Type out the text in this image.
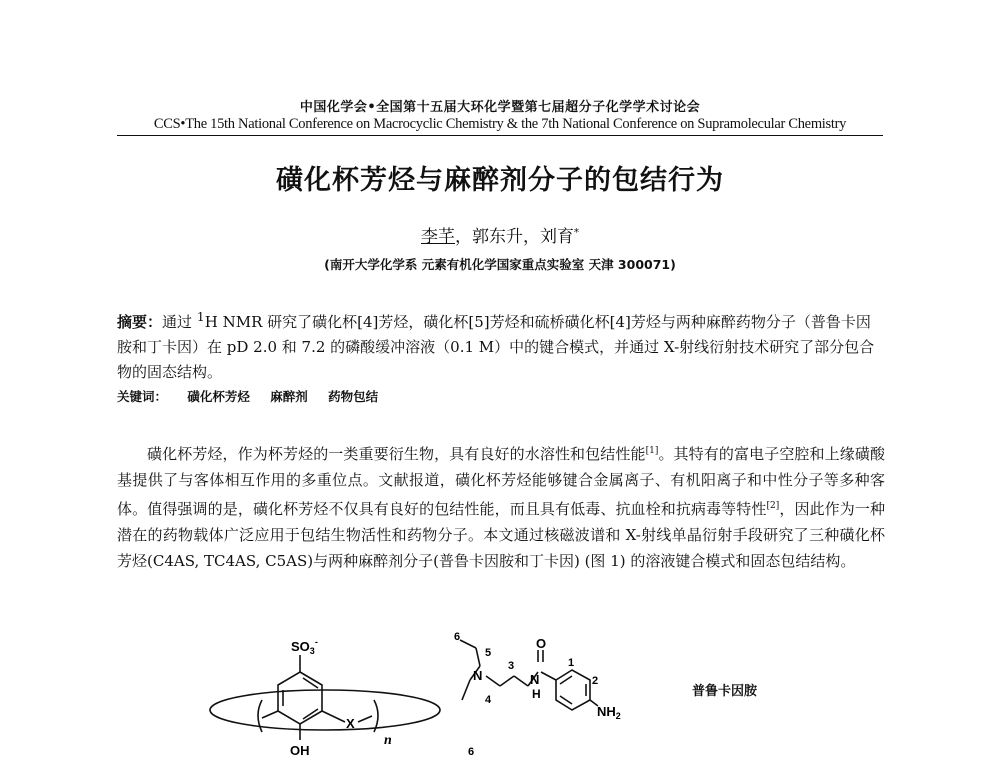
中国化学会•全国第十五届大环化学暨第七届超分子化学学术讨论会
CCS•The 15th National Conference on Macrocyclic Chemistry & the 7th National Conference on Supramolecular Chemistry
磺化杯芳烃与麻醉剂分子的包结行为
李芊，郭东升，刘育*
(南开大学化学系 元素有机化学国家重点实验室 天津 300071)
摘要：通过 $^1$H NMR 研究了磺化杯[4]芳烃，磺化杯[5]芳烃和硫桥磺化杯[4]芳烃与两种麻醉药物分子（普鲁卡因胺和丁卡因）在 pD 2.0 和 7.2 的磷酸缓冲溶液（0.1 M）中的键合模式，并通过 X-射线衍射技术研究了部分包合物的固态结构。
关键词： 磺化杯芳烃 麻醉剂 药物包结
磺化杯芳烃，作为杯芳烃的一类重要衍生物，具有良好的水溶性和包结性能[1]。其特有的富电子空腔和上缘磺酸基提供了与客体相互作用的多重位点。文献报道，磺化杯芳烃能够键合金属离子、有机阳离子和中性分子等多种客体。值得强调的是，磺化杯芳烃不仅具有良好的包结性能，而且具有低毒、抗血栓和抗病毒等特性[2]，因此作为一种潜在的药物载体广泛应用于包结生物活性和药物分子。本文通过核磁波谱和 X-射线单晶衍射手段研究了三种磺化杯芳烃(C4AS, TC4AS, C5AS)与两种麻醉剂分子(普鲁卡因胺和丁卡因) (图 1) 的溶液键合模式和固态包结结构。
$SO_3^-$
OH
X
n
N	N
H
O
$NH_2$
6
5
3	1
2
4
6
普鲁卡因胺
